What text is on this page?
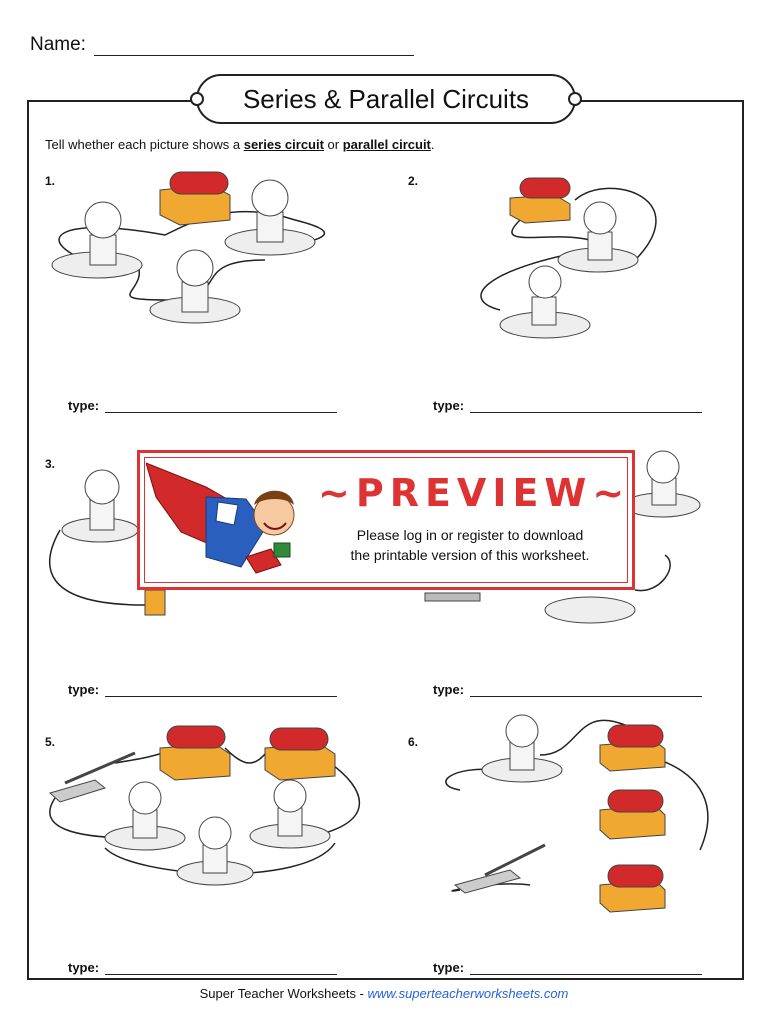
Name:
Series & Parallel Circuits
Tell whether each picture shows a series circuit or parallel circuit.
1.	2.
3.
5.	6.
type:	type:
type:	type:
type:	type:
~PREVIEW~
Please log in or register to download
the printable version of this worksheet.
Super Teacher Worksheets - www.superteacherworksheets.com
